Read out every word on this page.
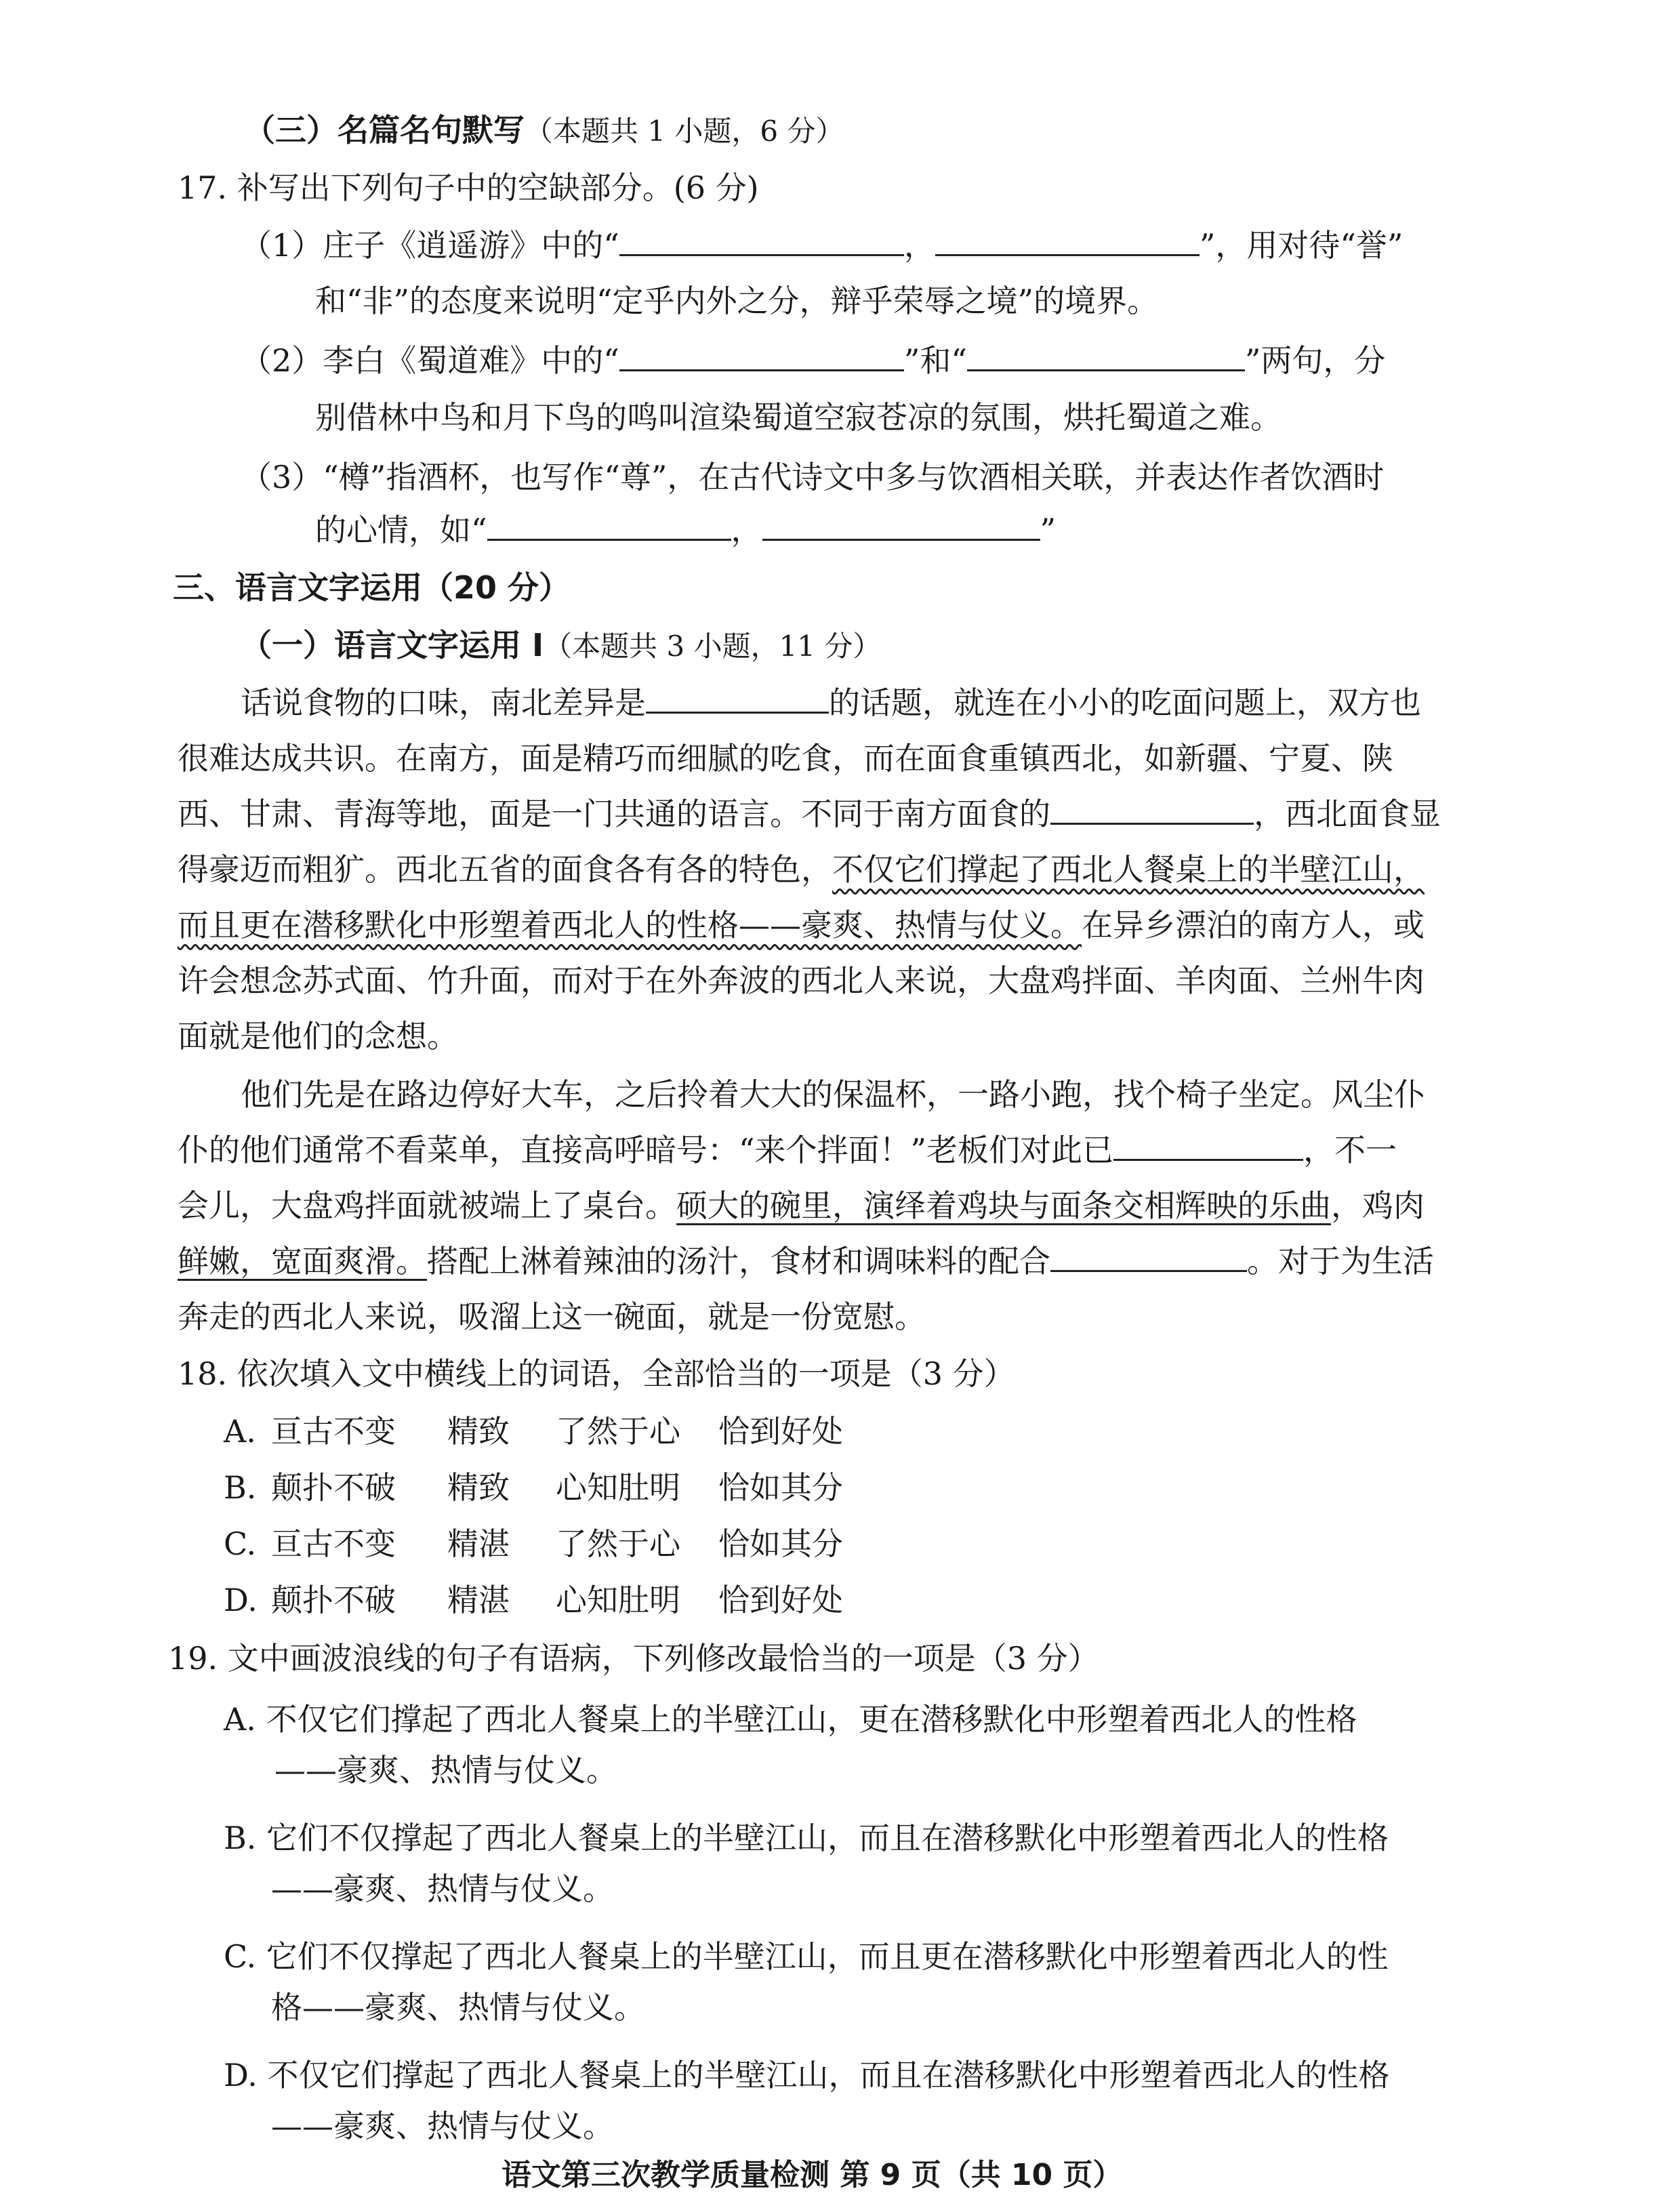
（三）名篇名句默写（本题共 1 小题，6 分）
17. 补写出下列句子中的空缺部分。(6 分)
（1）庄子《逍遥游》中的“	，	”，用对待“誉”
和“非”的态度来说明“定乎内外之分，辩乎荣辱之境”的境界。
（2）李白《蜀道难》中的“	”和“	”两句，分
别借林中鸟和月下鸟的鸣叫渲染蜀道空寂苍凉的氛围，烘托蜀道之难。
（3）“樽”指酒杯，也写作“尊”，在古代诗文中多与饮酒相关联，并表达作者饮酒时
的心情，如“	，	”
三、语言文字运用（20 分）
（一）语言文字运用 I（本题共 3 小题，11 分）
话说食物的口味，南北差异是	的话题，就连在小小的吃面问题上，双方也
很难达成共识。在南方，面是精巧而细腻的吃食，而在面食重镇西北，如新疆、宁夏、陕
西、甘肃、青海等地，面是一门共通的语言。不同于南方面食的	，西北面食显
得豪迈而粗犷。西北五省的面食各有各的特色，不仅它们撑起了西北人餐桌上的半壁江山，
而且更在潜移默化中形塑着西北人的性格——豪爽、热情与仗义。在异乡漂泊的南方人，或
许会想念苏式面、竹升面，而对于在外奔波的西北人来说，大盘鸡拌面、羊肉面、兰州牛肉
面就是他们的念想。
他们先是在路边停好大车，之后拎着大大的保温杯，一路小跑，找个椅子坐定。风尘仆
仆的他们通常不看菜单，直接高呼暗号：“来个拌面！”老板们对此已	，不一
会儿，大盘鸡拌面就被端上了桌台。硕大的碗里，演绎着鸡块与面条交相辉映的乐曲，鸡肉
鲜嫩，宽面爽滑。搭配上淋着辣油的汤汁，食材和调味料的配合	。对于为生活
奔走的西北人来说，吸溜上这一碗面，就是一份宽慰。
18. 依次填入文中横线上的词语，全部恰当的一项是（3 分）
A. 亘古不变 精致 了然于心 恰到好处
B. 颠扑不破 精致 心知肚明 恰如其分
C. 亘古不变 精湛 了然于心 恰如其分
D. 颠扑不破 精湛 心知肚明 恰到好处
19. 文中画波浪线的句子有语病，下列修改最恰当的一项是（3 分）
A. 不仅它们撑起了西北人餐桌上的半壁江山，更在潜移默化中形塑着西北人的性格
——豪爽、热情与仗义。
B. 它们不仅撑起了西北人餐桌上的半壁江山，而且在潜移默化中形塑着西北人的性格
——豪爽、热情与仗义。
C. 它们不仅撑起了西北人餐桌上的半壁江山，而且更在潜移默化中形塑着西北人的性
格——豪爽、热情与仗义。
D. 不仅它们撑起了西北人餐桌上的半壁江山，而且在潜移默化中形塑着西北人的性格
——豪爽、热情与仗义。
语文第三次教学质量检测 第 9 页（共 10 页）
